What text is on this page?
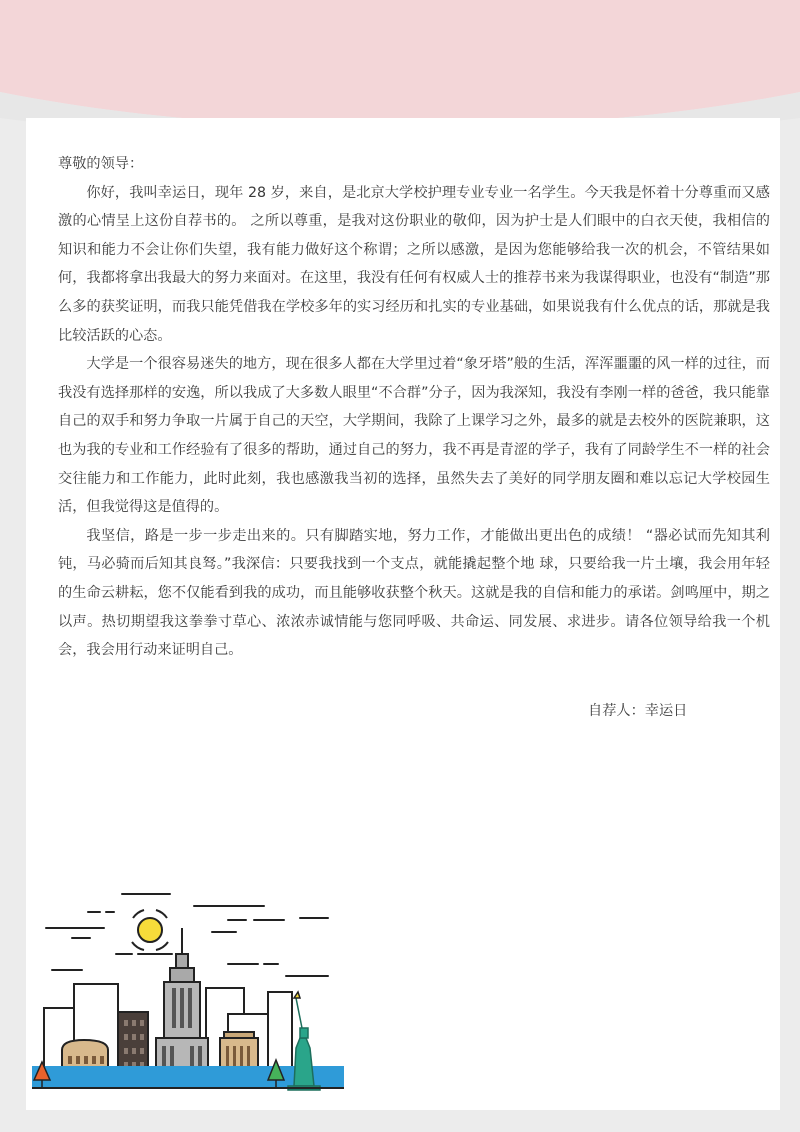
尊敬的领导：

你好，我叫幸运日，现年 28 岁，来自，是北京大学校护理专业专业一名学生。今天我是怀着十分尊重而又感激的心情呈上这份自荐书的。 之所以尊重，是我对这份职业的敬仰，因为护士是人们眼中的白衣天使，我相信的知识和能力不会让你们失望，我有能力做好这个称谓；之所以感激，是因为您能够给我一次的机会，不管结果如何，我都将拿出我最大的努力来面对。在这里，我没有任何有权威人士的推荐书来为我谋得职业，也没有“制造”那么多的获奖证明，而我只能凭借我在学校多年的实习经历和扎实的专业基础，如果说我有什么优点的话，那就是我比较活跃的心态。

大学是一个很容易迷失的地方，现在很多人都在大学里过着“象牙塔”般的生活，浑浑噩噩的风一样的过往，而我没有选择那样的安逸，所以我成了大多数人眼里“不合群”分子，因为我深知，我没有李刚一样的爸爸，我只能靠自己的双手和努力争取一片属于自己的天空，大学期间，我除了上课学习之外，最多的就是去校外的医院兼职，这也为我的专业和工作经验有了很多的帮助，通过自己的努力，我不再是青涩的学子，我有了同龄学生不一样的社会交往能力和工作能力，此时此刻，我也感激我当初的选择，虽然失去了美好的同学朋友圈和难以忘记大学校园生活，但我觉得这是值得的。

我坚信，路是一步一步走出来的。只有脚踏实地，努力工作，才能做出更出色的成绩！ “器必试而先知其利钝，马必骑而后知其良驽。”我深信：只要我找到一个支点，就能撬起整个地 球，只要给我一片土壤，我会用年轻的生命云耕耘，您不仅能看到我的成功，而且能够收获整个秋天。这就是我的自信和能力的承诺。剑鸣厘中，期之以声。热切期望我这拳拳寸草心、浓浓赤诚情能与您同呼吸、共命运、同发展、求进步。请各位领导给我一个机会，我会用行动来证明自己。

自荐人：幸运日
